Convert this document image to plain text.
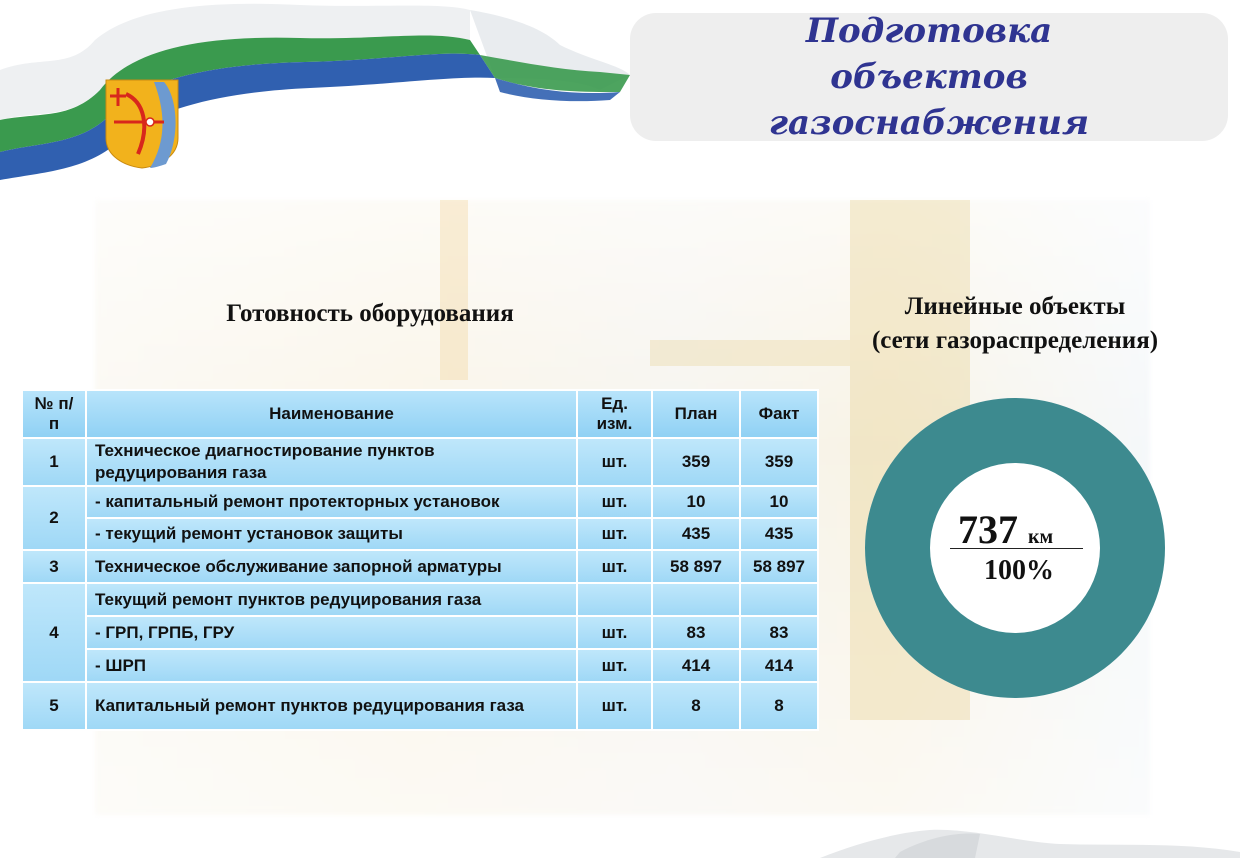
Подготовка объектов газоснабжения
Готовность оборудования	Линейные объекты
(сети газораспределения)
№ п/п	Наименование	Ед. изм.	План	Факт
1	Техническое диагностирование пунктов редуцирования газа	шт.	359	359
2	- капитальный ремонт протекторных установок	шт.	10	10
	- текущий ремонт установок защиты	шт.	435	435
3	Техническое обслуживание запорной арматуры	шт.	58 897	58 897
4	Текущий ремонт пунктов редуцирования газа			
	- ГРП, ГРПБ, ГРУ	шт.	83	83
	- ШРП	шт.	414	414
5	Капитальный ремонт пунктов редуцирования газа	шт.	8	8
737 км
100%
